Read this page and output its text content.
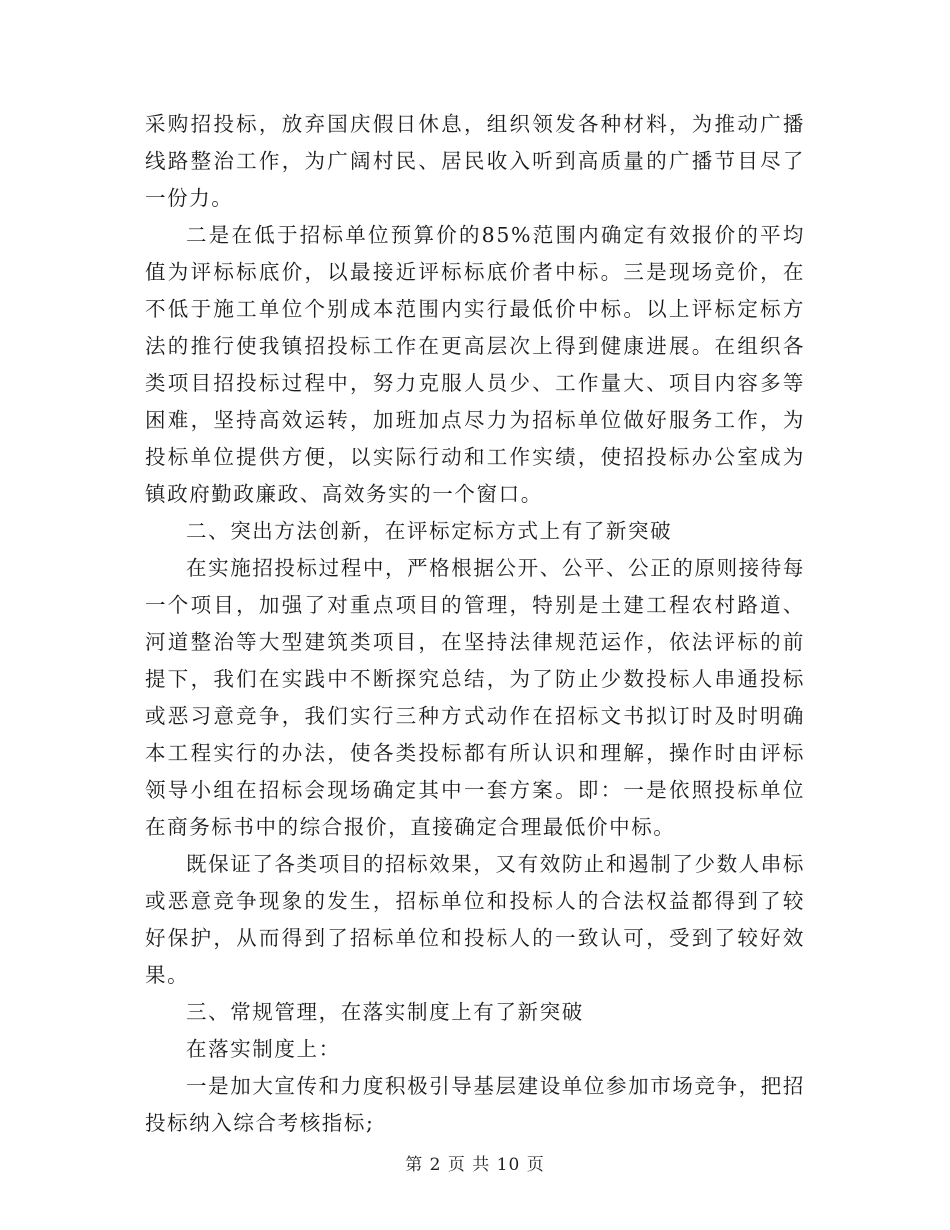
采购招投标，放弃国庆假日休息，组织领发各种材料，为推动广播线路整治工作，为广阔村民、居民收入听到高质量的广播节目尽了一份力。

二是在低于招标单位预算价的85%范围内确定有效报价的平均值为评标标底价，以最接近评标标底价者中标。三是现场竞价，在不低于施工单位个别成本范围内实行最低价中标。以上评标定标方法的推行使我镇招投标工作在更高层次上得到健康进展。在组织各类项目招投标过程中，努力克服人员少、工作量大、项目内容多等困难，坚持高效运转，加班加点尽力为招标单位做好服务工作，为投标单位提供方便，以实际行动和工作实绩，使招投标办公室成为镇政府勤政廉政、高效务实的一个窗口。

二、突出方法创新，在评标定标方式上有了新突破

在实施招投标过程中，严格根据公开、公平、公正的原则接待每一个项目，加强了对重点项目的管理，特别是土建工程农村路道、河道整治等大型建筑类项目，在坚持法律规范运作，依法评标的前提下，我们在实践中不断探究总结，为了防止少数投标人串通投标或恶习意竞争，我们实行三种方式动作在招标文书拟订时及时明确本工程实行的办法，使各类投标都有所认识和理解，操作时由评标领导小组在招标会现场确定其中一套方案。即：一是依照投标单位在商务标书中的综合报价，直接确定合理最低价中标。

既保证了各类项目的招标效果，又有效防止和遏制了少数人串标或恶意竞争现象的发生，招标单位和投标人的合法权益都得到了较好保护，从而得到了招标单位和投标人的一致认可，受到了较好效果。

三、常规管理，在落实制度上有了新突破

在落实制度上：

一是加大宣传和力度积极引导基层建设单位参加市场竞争，把招投标纳入综合考核指标;

第 2 页 共 10 页
